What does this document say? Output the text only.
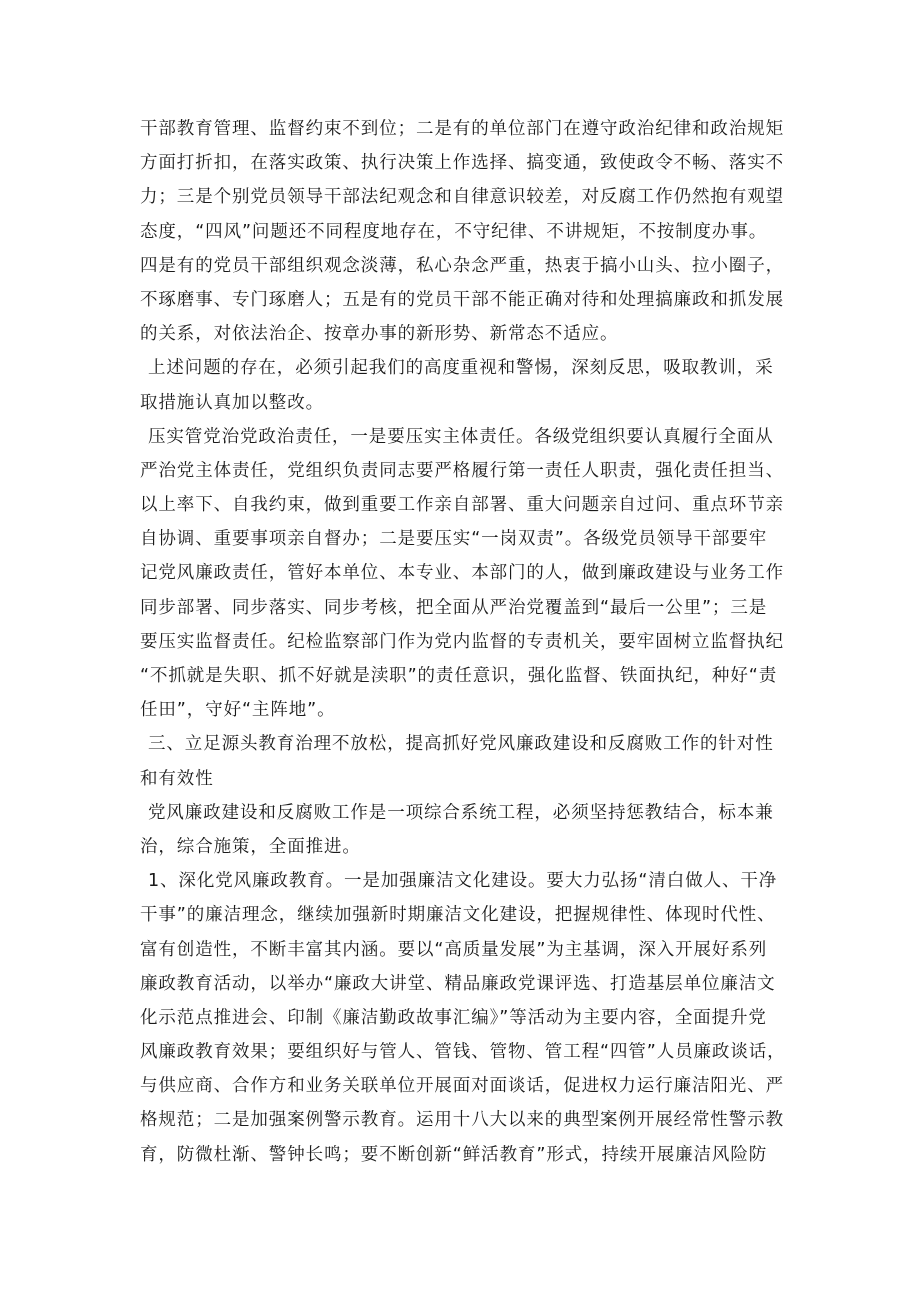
干部教育管理、监督约束不到位；二是有的单位部门在遵守政治纪律和政治规矩
方面打折扣，在落实政策、执行决策上作选择、搞变通，致使政令不畅、落实不
力；三是个别党员领导干部法纪观念和自律意识较差，对反腐工作仍然抱有观望
态度，“四风”问题还不同程度地存在，不守纪律、不讲规矩，不按制度办事。
四是有的党员干部组织观念淡薄，私心杂念严重，热衷于搞小山头、拉小圈子，
不琢磨事、专门琢磨人；五是有的党员干部不能正确对待和处理搞廉政和抓发展
的关系，对依法治企、按章办事的新形势、新常态不适应。
上述问题的存在，必须引起我们的高度重视和警惕，深刻反思，吸取教训，采
取措施认真加以整改。
压实管党治党政治责任，一是要压实主体责任。各级党组织要认真履行全面从
严治党主体责任，党组织负责同志要严格履行第一责任人职责，强化责任担当、
以上率下、自我约束，做到重要工作亲自部署、重大问题亲自过问、重点环节亲
自协调、重要事项亲自督办；二是要压实“一岗双责”。各级党员领导干部要牢
记党风廉政责任，管好本单位、本专业、本部门的人，做到廉政建设与业务工作
同步部署、同步落实、同步考核，把全面从严治党覆盖到“最后一公里”；三是
要压实监督责任。纪检监察部门作为党内监督的专责机关，要牢固树立监督执纪
“不抓就是失职、抓不好就是渎职”的责任意识，强化监督、铁面执纪，种好“责
任田”，守好“主阵地”。
三、立足源头教育治理不放松，提高抓好党风廉政建设和反腐败工作的针对性
和有效性
党风廉政建设和反腐败工作是一项综合系统工程，必须坚持惩教结合，标本兼
治，综合施策，全面推进。
1、深化党风廉政教育。一是加强廉洁文化建设。要大力弘扬“清白做人、干净
干事”的廉洁理念，继续加强新时期廉洁文化建设，把握规律性、体现时代性、
富有创造性，不断丰富其内涵。要以“高质量发展”为主基调，深入开展好系列
廉政教育活动，以举办“廉政大讲堂、精品廉政党课评选、打造基层单位廉洁文
化示范点推进会、印制《廉洁勤政故事汇编》”等活动为主要内容，全面提升党
风廉政教育效果；要组织好与管人、管钱、管物、管工程“四管”人员廉政谈话，
与供应商、合作方和业务关联单位开展面对面谈话，促进权力运行廉洁阳光、严
格规范；二是加强案例警示教育。运用十八大以来的典型案例开展经常性警示教
育，防微杜渐、警钟长鸣；要不断创新“鲜活教育”形式，持续开展廉洁风险防
